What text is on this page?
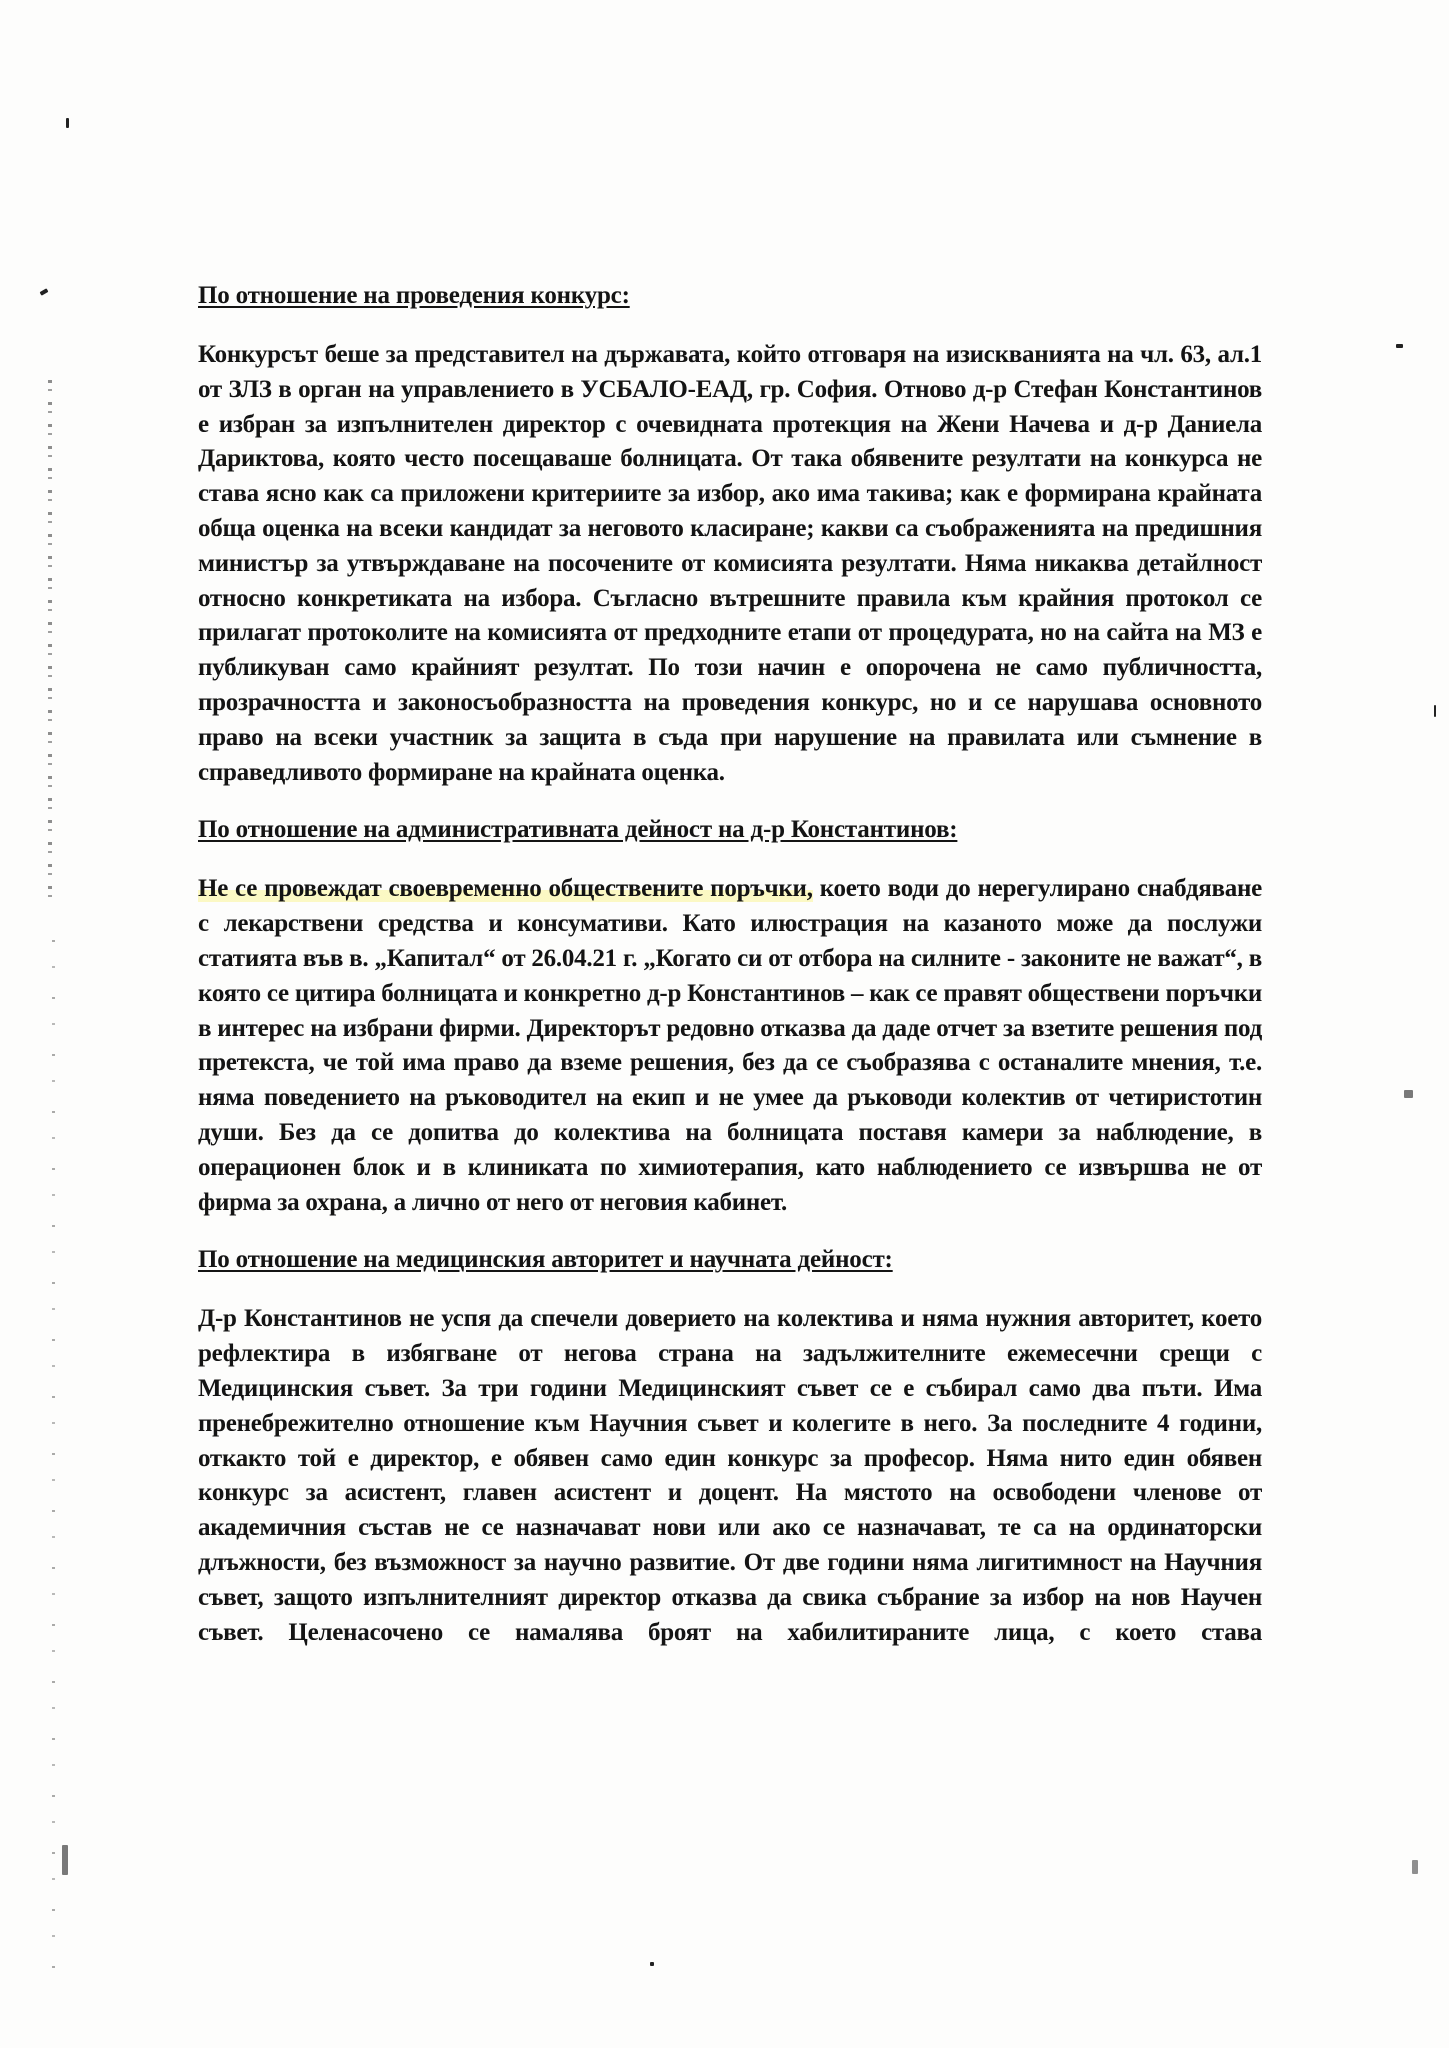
По отношение на проведения конкурс:

Конкурсът беше за представител на държавата, който отговаря на изискванията на чл. 63, ал.1 от ЗЛЗ в орган на управлението в УСБАЛО-ЕАД, гр. София. Отново д-р Стефан Константинов е избран за изпълнителен директор с очевидната протекция на Жени Начева и д-р Даниела Дариктова, която често посещаваше болницата. От така обявените резултати на конкурса не става ясно как са приложени критериите за избор, ако има такива; как е формирана крайната обща оценка на всеки кандидат за неговото класиране; какви са съображенията на предишния министър за утвърждаване на посочените от комисията резултати. Няма никаква детайлност относно конкретиката на избора. Съгласно вътрешните правила към крайния протокол се прилагат протоколите на комисията от предходните етапи от процедурата, но на сайта на МЗ е публикуван само крайният резултат. По този начин е опорочена не само публичността, прозрачността и законосъобразността на проведения конкурс, но и се нарушава основното право на всеки участник за защита в съда при нарушение на правилата или съмнение в справедливото формиране на крайната оценка.

По отношение на административната дейност на д-р Константинов:

Не се провеждат своевременно обществените поръчки, което води до нерегулирано снабдяване с лекарствени средства и консумативи. Като илюстрация на казаното може да послужи статията във в. „Капитал“ от 26.04.21 г. „Когато си от отбора на силните - законите не важат“, в която се цитира болницата и конкретно д-р Константинов – как се правят обществени поръчки в интерес на избрани фирми. Директорът редовно отказва да даде отчет за взетите решения под претекста, че той има право да вземе решения, без да се съобразява с останалите мнения, т.е. няма поведението на ръководител на екип и не умее да ръководи колектив от четиристотин души. Без да се допитва до колектива на болницата поставя камери за наблюдение, в операционен блок и в клиниката по химиотерапия, като наблюдението се извършва не от фирма за охрана, а лично от него от неговия кабинет.

По отношение на медицинския авторитет и научната дейност:

Д-р Константинов не успя да спечели доверието на колектива и няма нужния авторитет, което рефлектира в избягване от негова страна на задължителните ежемесечни срещи с Медицинския съвет. За три години Медицинският съвет се е събирал само два пъти. Има пренебрежително отношение към Научния съвет и колегите в него. За последните 4 години, откакто той е директор, е обявен само един конкурс за професор. Няма нито един обявен конкурс за асистент, главен асистент и доцент. На мястото на освободени членове от академичния състав не се назначават нови или ако се назначават, те са на ординаторски длъжности, без възможност за научно развитие. От две години няма лигитимност на Научния съвет, защото изпълнителният директор отказва да свика събрание за избор на нов Научен съвет. Целенасочено се намалява броят на хабилитираните лица, с което става
